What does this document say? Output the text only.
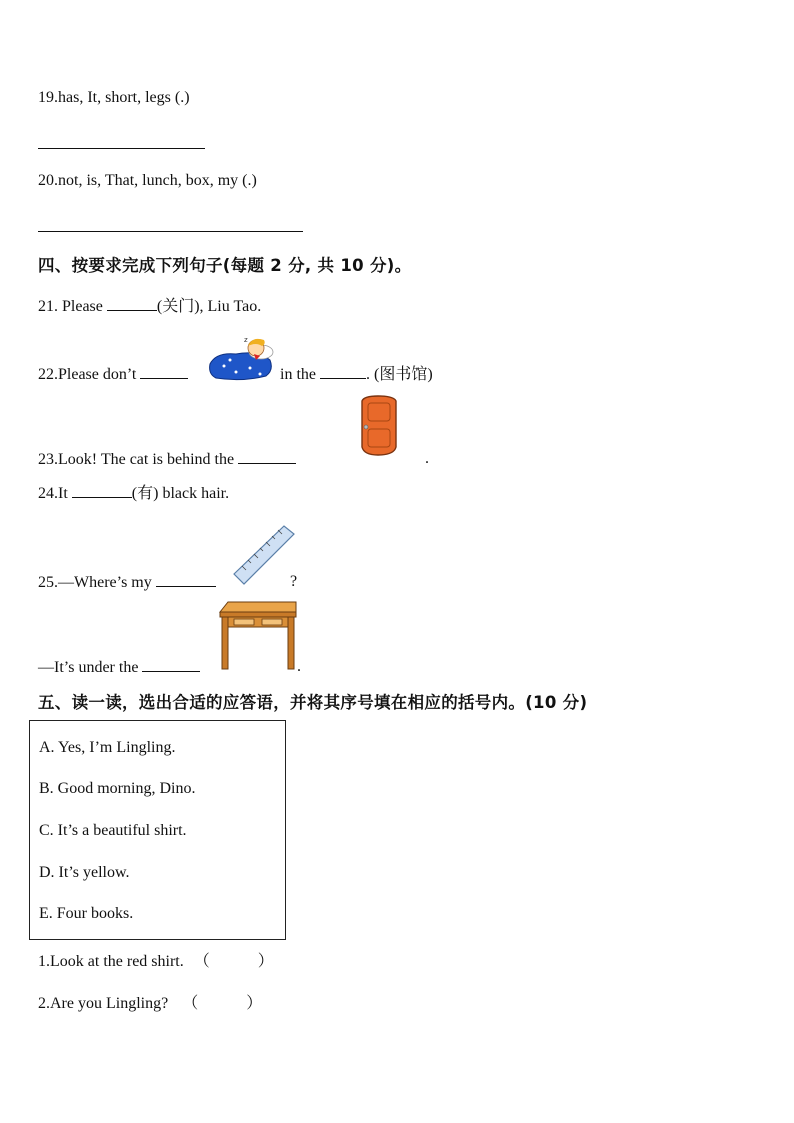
19.has, It, short, legs (.)
20.not, is, That, lunch, box, my (.)
四、按要求完成下列句子(每题 2 分, 共 10 分)。
21. Please	(关门), Liu Tao.
22.Please don’t
z
in the	. (图书馆)
23.Look! The cat is behind the	.
24.It	(有) black hair.
25.—Where’s my	?
—It’s under the	.
五、读一读，选出合适的应答语，并将其序号填在相应的括号内。(10 分)
A. Yes, I’m Lingling.
B. Good morning, Dino.
C. It’s a beautiful shirt.
D. It’s yellow.
E. Four books.
1.Look at the red shirt. （　　　）
2.Are you Lingling? （　　　）
